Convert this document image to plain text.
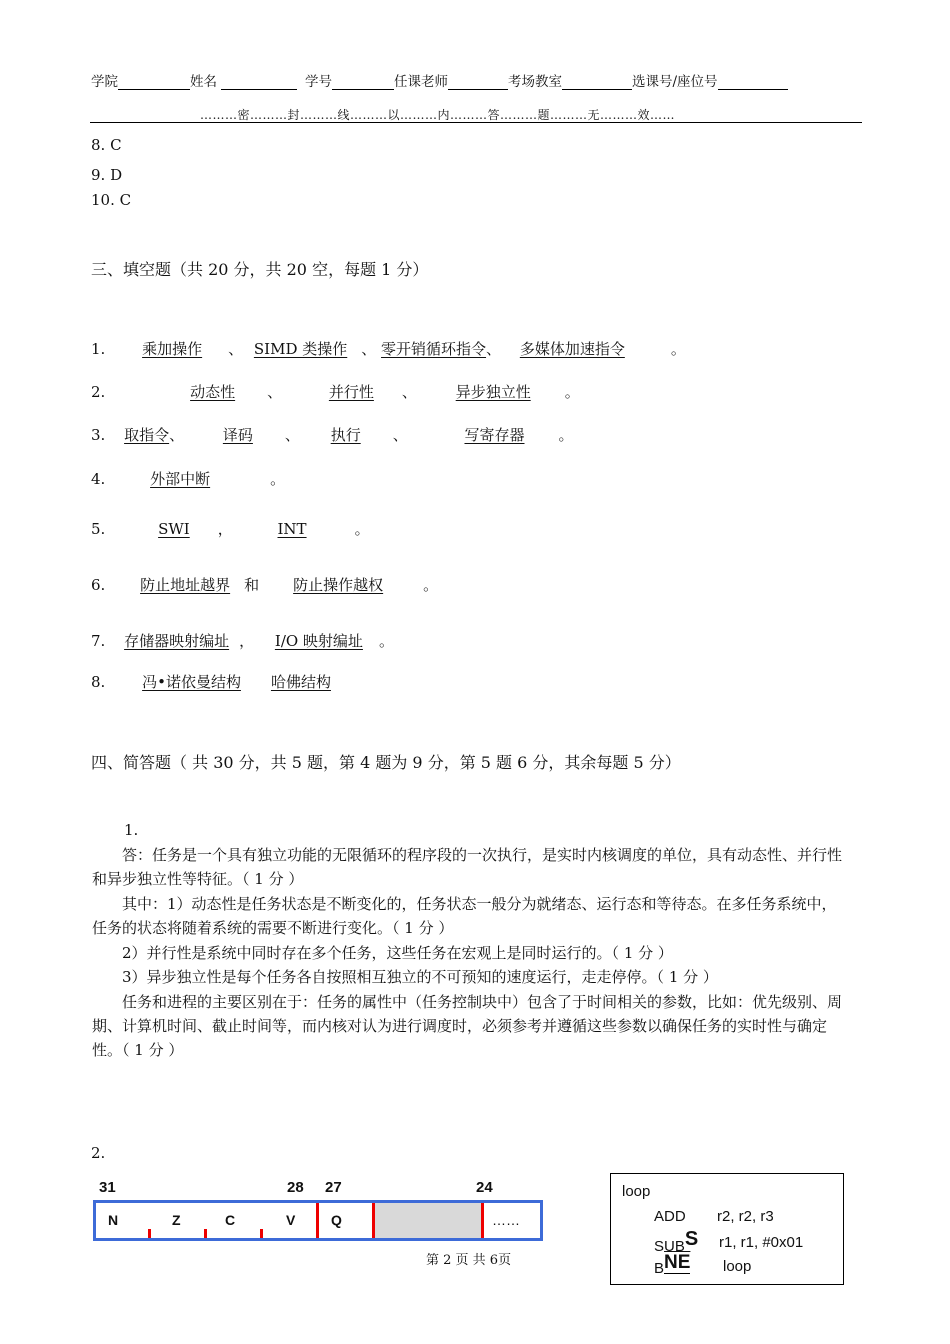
学院	姓名	学号	任课老师	考场教室	选课号/座位号
………密………封………线………以………内………答………题………无………效……
8. C
9. D
10. C
三、填空题（共 20 分，共 20 空，每题 1 分）
1. 乘加操作 、 SIMD 类操作 、 零开销循环指令、 多媒体加速指令	。
2.	动态性 、	并行性 、 异步独立性 。
3. 取指令、 译码 、 执行 、	写寄存器 。
4.	外部中断	。
5.	SWI ，	INT	。
6. 防止地址越界 和 防止操作越权	。
7. 存储器映射编址 ， I/O 映射编址 。
8. 冯•诺依曼结构 哈佛结构
四、简答题（ 共 30 分，共 5 题，第 4 题为 9 分，第 5 题 6 分，其余每题 5 分）
1.
答：任务是一个具有独立功能的无限循环的程序段的一次执行，是实时内核调度的单位，具有动态性、并行性和异步独立性等特征。（ 1 分 ）
其中：1）动态性是任务状态是不断变化的，任务状态一般分为就绪态、运行态和等待态。在多任务系统中，任务的状态将随着系统的需要不断进行变化。（ 1 分 ）
2）并行性是系统中同时存在多个任务，这些任务在宏观上是同时运行的。（ 1 分 ）
3）异步独立性是每个任务各自按照相互独立的不可预知的速度运行，走走停停。（ 1 分 ）
任务和进程的主要区别在于：任务的属性中（任务控制块中）包含了于时间相关的参数，比如：优先级别、周期、计算机时间、截止时间等，而内核对认为进行调度时，必须参考并遵循这些参数以确保任务的实时性与确定性。（ 1 分 ）
2.
31	28 27	24
N	Z	C	V	Q	……
第 2 页 共 6页
loop
ADD r2, r2, r3
SUBS r1, r1, #0x01
$B\overline{NE}$ loop
